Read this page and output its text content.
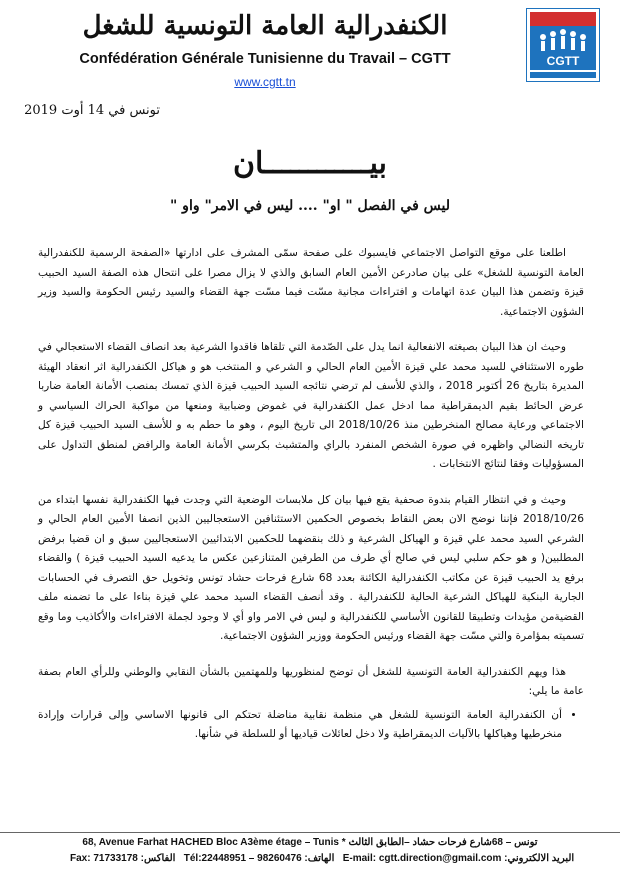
CGTT
الكنفدرالية العامة التونسية للشغل
Confédération Générale Tunisienne du Travail – CGTT
www.cgtt.tn
تونس في 14 أوت 2019
بيــــــــــــان
ليس في الفصل " او" .... ليس في الامر" واو "

اطلعنا على موقع التواصل الاجتماعي فايسبوك على صفحة سمّى المشرف على ادارتها «الصفحة الرسمية للكنفدرالية العامة التونسية للشغل» على بيان صادرعن الأمين العام السابق والذي لا يزال مصرا على انتحال هذه الصفة السيد الحبيب قيزة وتضمن هذا البيان عدة اتهامات و افتراءات مجانية مسّت فيما مسّت جهة القضاء والسيد رئيس الحكومة والسيد وزير الشؤون الاجتماعية.

وحيث ان هذا البيان بصيغته الانفعالية انما يدل على الصّدمة التي تلقاها فاقدوا الشرعية بعد انصاف القضاء الاستعجالي في طوره الاستئنافي للسيد محمد علي قيزة الأمين العام الحالي و الشرعي و المنتخب هو و هياكل الكنفدرالية اثر انعقاد الهيئة المديرة بتاريخ 26 أكتوبر 2018 ، والذي للأسف لم ترضي نتائجه السيد الحبيب قيزة الذي تمسك بمنصب الأمانة العامة ضاربا عرض الحائط بقيم الديمقراطية مما ادخل عمل الكنفدرالية في غموض وضبابية ومنعها من مواكبة الحراك السياسي و الاجتماعي ورعاية مصالح المنخرطين منذ 2018/10/26 الى تاريخ اليوم ، وهو ما حطم به و للأسف السيد الحبيب قيزة كل تاريخه النضالي واظهره في صورة الشخص المنفرد بالراي والمتشبث بكرسي الأمانة العامة والرافض لمنطق التداول على المسؤوليات وفقا لنتائج الانتخابات .

وحيث و في انتظار القيام بندوة صحفية يقع فيها بيان كل ملابسات الوضعية التي وجدت فيها الكنفدرالية نفسها ابتداء من 2018/10/26 فإننا نوضح الان بعض النقاط بخصوص الحكمين الاستئنافين الاستعجاليين الذين انصفا الأمين العام الحالي و الشرعي السيد محمد علي قيزة و الهياكل الشرعية و ذلك بنقضهما للحكمين الابتدائيين الاستعجاليين سبق و ان قضيا برفض المطلبين( و هو حكم سلبي ليس في صالح أي طرف من الطرفين المتنازعين عكس ما يدعيه السيد الحبيب قيزة ) والقضاء برفع يد الحبيب قيزة عن مكاتب الكنفدرالية الكائنة بعدد 68 شارع فرحات حشاد تونس وتخويل حق التصرف في الحسابات الجارية البنكية للهياكل الشرعية الحالية للكنفدرالية . وقد أنصف القضاء السيد محمد علي قيزة بناءا على ما تضمنه ملف القضيةمن مؤيدات وتطبيقا للقانون الأساسي للكنفدرالية و ليس في الامر واو أي لا وجود لجملة الافتراءات والأكاذيب وما وقع تسميته بمؤامرة والتي مسّت جهة القضاء ورئيس الحكومة ووزير الشؤون الاجتماعية.

هذا ويهم الكنفدرالية العامة التونسية للشغل أن توضح لمنظوريها وللمهتمين بالشأن النقابي والوطني وللرأي العام بصفة عامة ما يلي:

• أن الكنفدرالية العامة التونسية للشغل هي منظمة نقابية مناضلة تحتكم الى قانونها الاساسي وإلى قرارات وإرادة منخرطيها وهياكلها بالآليات الديمقراطية ولا دخل لعائلات قياديها أو للسلطة في شأنها.
68, Avenue Farhat HACHED Bloc A3ème étage – Tunis * تونس – 68شارع فرحات حشاد –الطابق الثالث
Fax: 71733178 :الفاكس Tél:22448951 – 98260476 :الهاتف E-mail: cgtt.direction@gmail.com :البريد الالكتروني
